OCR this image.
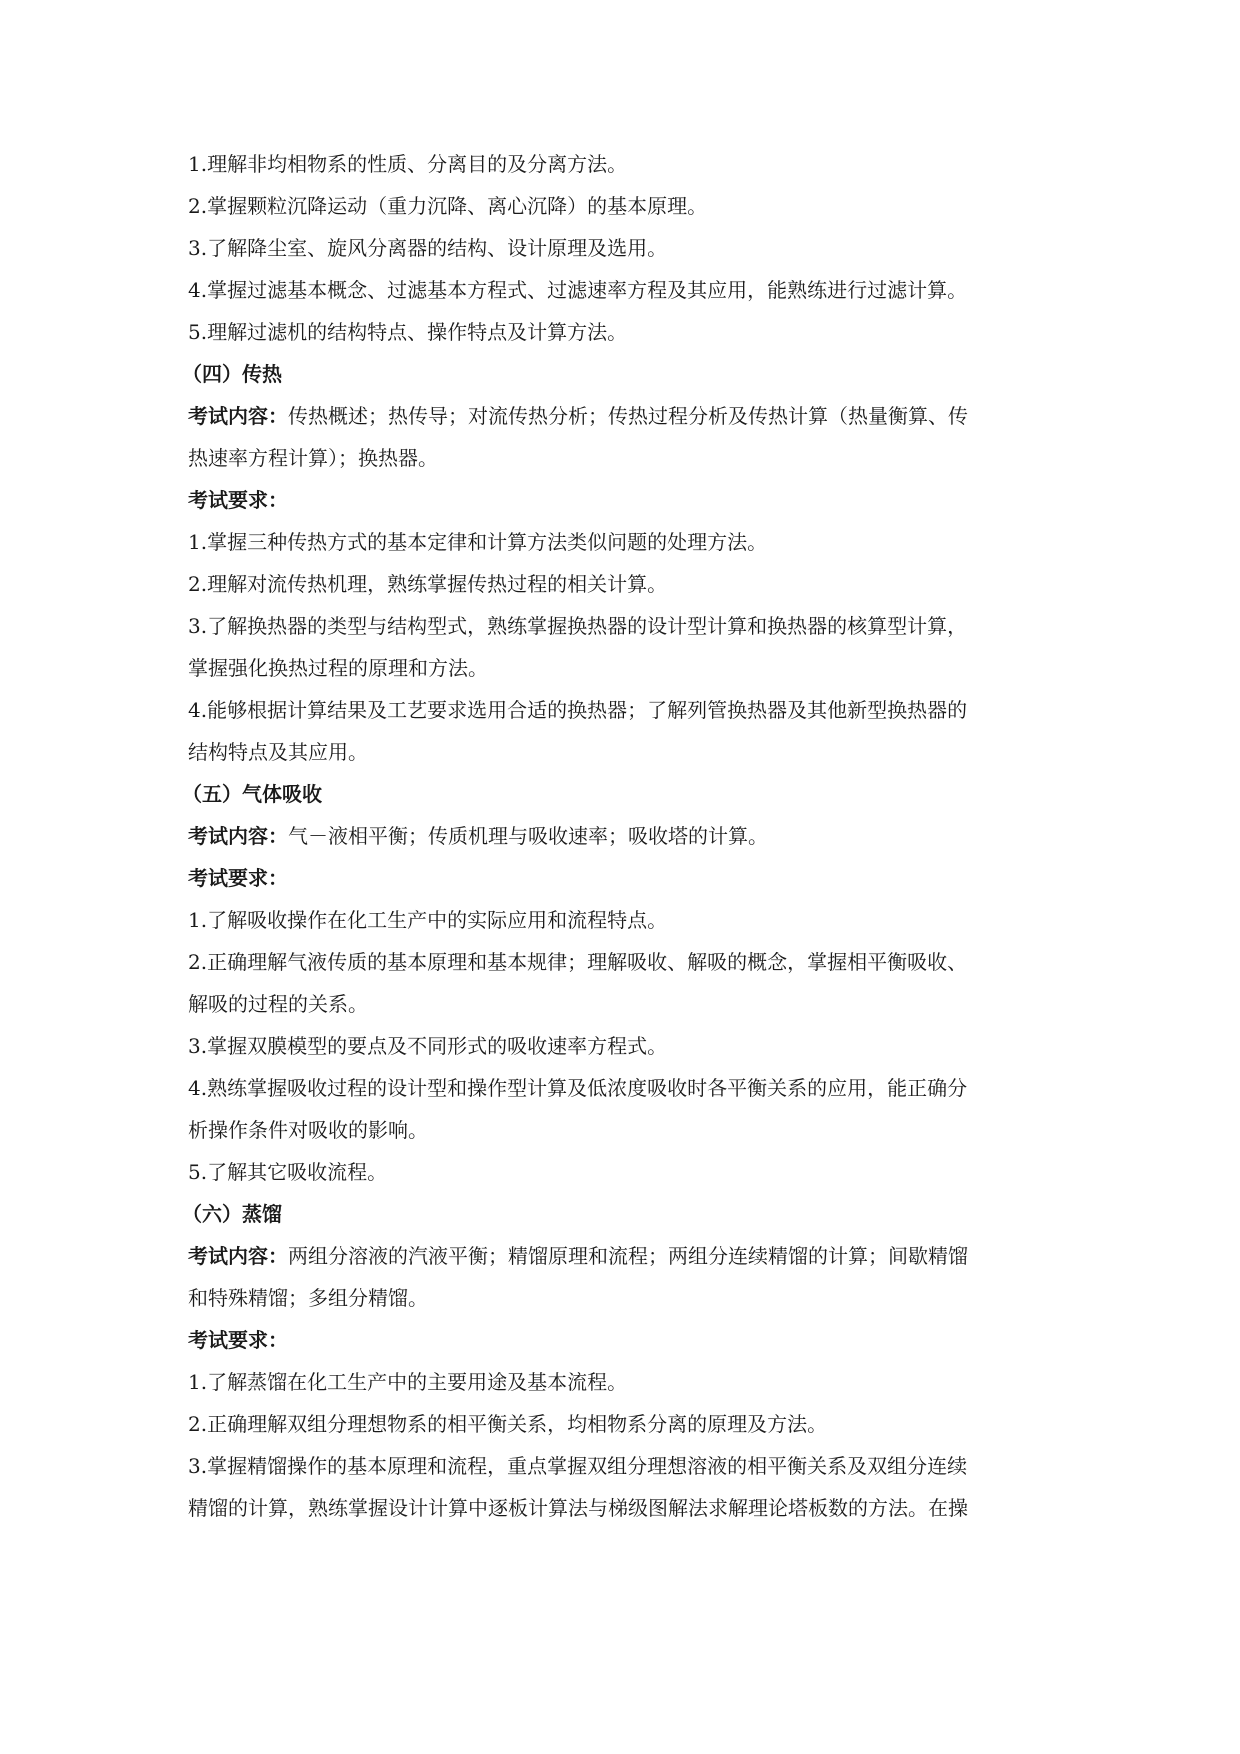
1.理解非均相物系的性质、分离目的及分离方法。
2.掌握颗粒沉降运动（重力沉降、离心沉降）的基本原理。
3.了解降尘室、旋风分离器的结构、设计原理及选用。
4.掌握过滤基本概念、过滤基本方程式、过滤速率方程及其应用，能熟练进行过滤计算。
5.理解过滤机的结构特点、操作特点及计算方法。
（四）传热
考试内容：传热概述；热传导；对流传热分析；传热过程分析及传热计算（热量衡算、传
热速率方程计算）；换热器。
考试要求：
1.掌握三种传热方式的基本定律和计算方法类似问题的处理方法。
2.理解对流传热机理，熟练掌握传热过程的相关计算。
3.了解换热器的类型与结构型式，熟练掌握换热器的设计型计算和换热器的核算型计算，
掌握强化换热过程的原理和方法。
4.能够根据计算结果及工艺要求选用合适的换热器；了解列管换热器及其他新型换热器的
结构特点及其应用。
（五）气体吸收
考试内容：气－液相平衡；传质机理与吸收速率；吸收塔的计算。
考试要求：
1.了解吸收操作在化工生产中的实际应用和流程特点。
2.正确理解气液传质的基本原理和基本规律；理解吸收、解吸的概念，掌握相平衡吸收、
解吸的过程的关系。
3.掌握双膜模型的要点及不同形式的吸收速率方程式。
4.熟练掌握吸收过程的设计型和操作型计算及低浓度吸收时各平衡关系的应用，能正确分
析操作条件对吸收的影响。
5.了解其它吸收流程。
（六）蒸馏
考试内容：两组分溶液的汽液平衡；精馏原理和流程；两组分连续精馏的计算；间歇精馏
和特殊精馏；多组分精馏。
考试要求：
1.了解蒸馏在化工生产中的主要用途及基本流程。
2.正确理解双组分理想物系的相平衡关系，均相物系分离的原理及方法。
3.掌握精馏操作的基本原理和流程，重点掌握双组分理想溶液的相平衡关系及双组分连续
精馏的计算，熟练掌握设计计算中逐板计算法与梯级图解法求解理论塔板数的方法。在操
